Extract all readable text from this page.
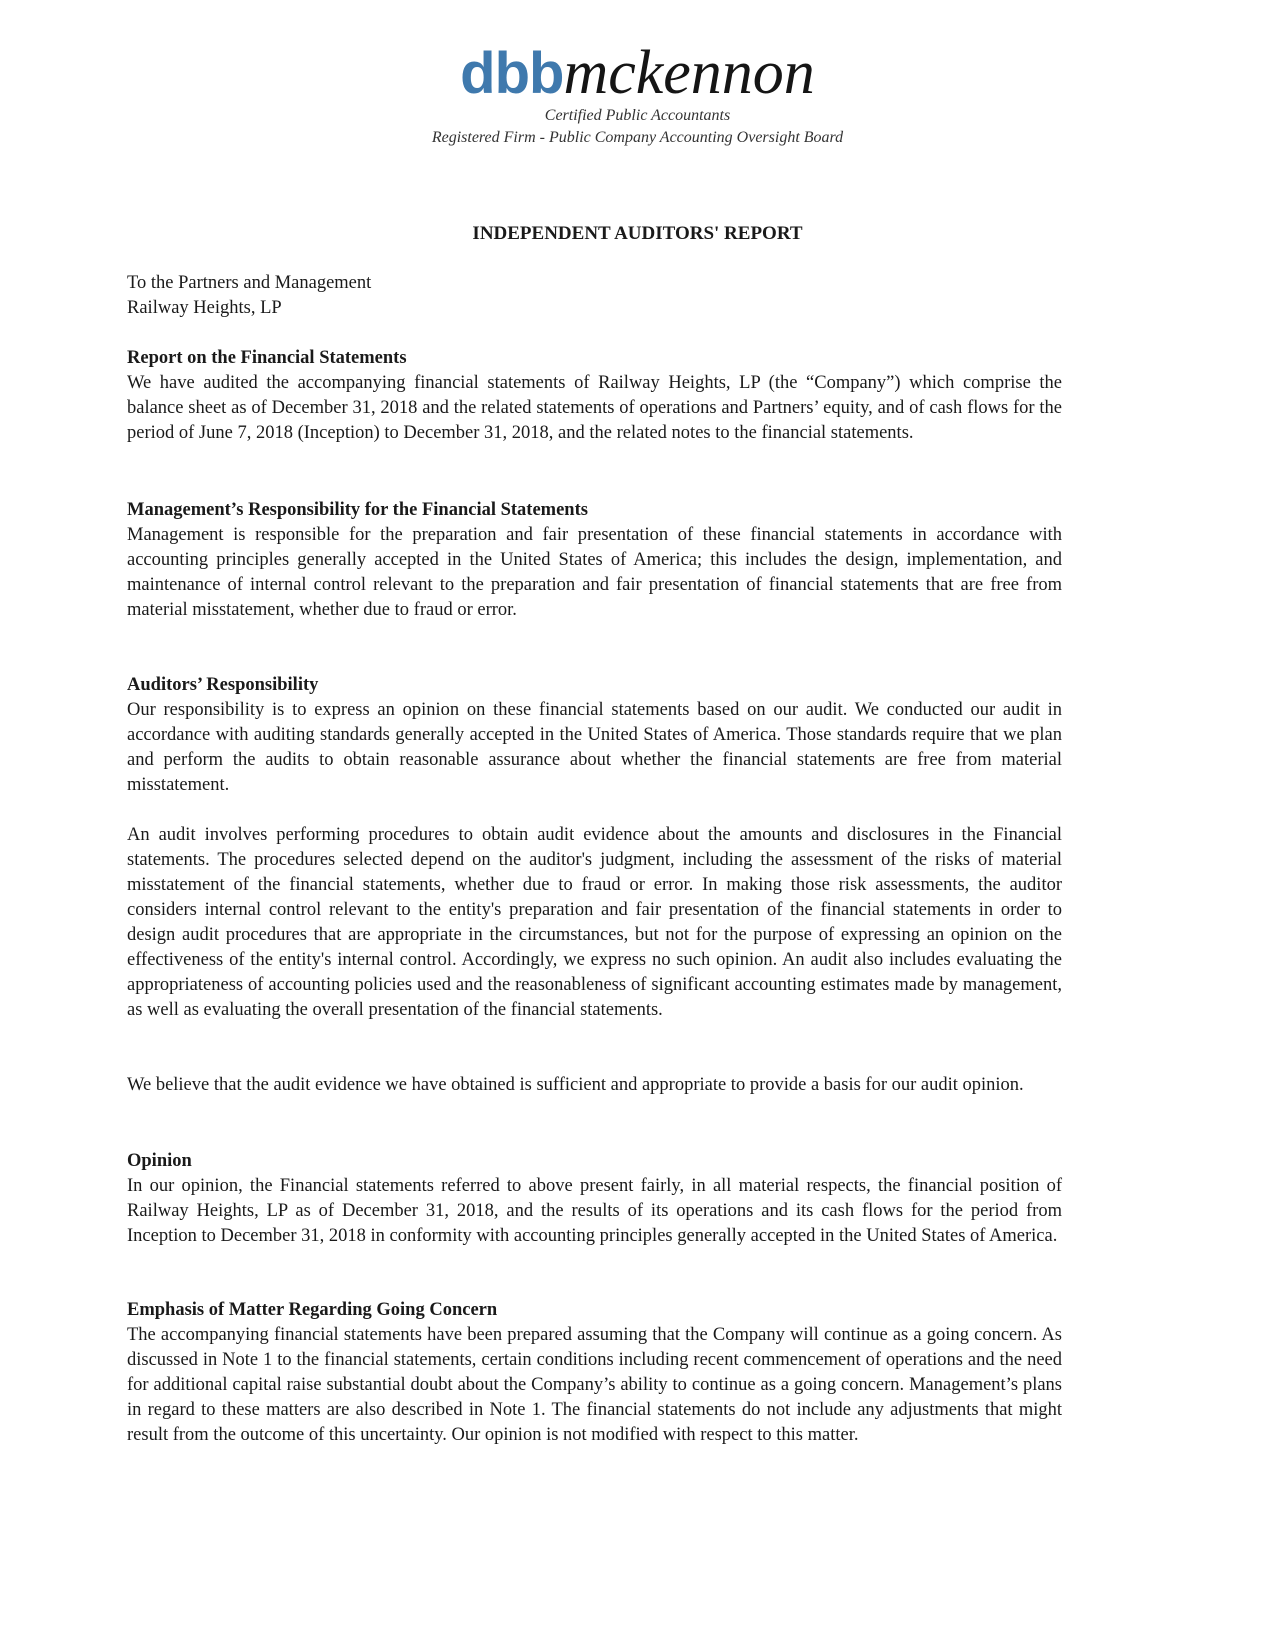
dbbmckennon
Certified Public Accountants
Registered Firm - Public Company Accounting Oversight Board
INDEPENDENT AUDITORS' REPORT

To the Partners and Management

Railway Heights, LP

Report on the Financial Statements

We have audited the accompanying financial statements of Railway Heights, LP (the “Company”) which comprise the balance sheet as of December 31, 2018 and the related statements of operations and Partners’ equity, and of cash flows for the period of June 7, 2018 (Inception) to December 31, 2018, and the related notes to the financial statements.

Management’s Responsibility for the Financial Statements

Management is responsible for the preparation and fair presentation of these financial statements in accordance with accounting principles generally accepted in the United States of America; this includes the design, implementation, and maintenance of internal control relevant to the preparation and fair presentation of financial statements that are free from material misstatement, whether due to fraud or error.

Auditors’ Responsibility

Our responsibility is to express an opinion on these financial statements based on our audit. We conducted our audit in accordance with auditing standards generally accepted in the United States of America. Those standards require that we plan and perform the audits to obtain reasonable assurance about whether the financial statements are free from material misstatement.

An audit involves performing procedures to obtain audit evidence about the amounts and disclosures in the Financial statements. The procedures selected depend on the auditor's judgment, including the assessment of the risks of material misstatement of the financial statements, whether due to fraud or error. In making those risk assessments, the auditor considers internal control relevant to the entity's preparation and fair presentation of the financial statements in order to design audit procedures that are appropriate in the circumstances, but not for the purpose of expressing an opinion on the effectiveness of the entity's internal control. Accordingly, we express no such opinion. An audit also includes evaluating the appropriateness of accounting policies used and the reasonableness of significant accounting estimates made by management, as well as evaluating the overall presentation of the financial statements.

We believe that the audit evidence we have obtained is sufficient and appropriate to provide a basis for our audit opinion.

Opinion

In our opinion, the Financial statements referred to above present fairly, in all material respects, the financial position of Railway Heights, LP as of December 31, 2018, and the results of its operations and its cash flows for the period from Inception to December 31, 2018 in conformity with accounting principles generally accepted in the United States of America.

Emphasis of Matter Regarding Going Concern

The accompanying financial statements have been prepared assuming that the Company will continue as a going concern. As discussed in Note 1 to the financial statements, certain conditions including recent commencement of operations and the need for additional capital raise substantial doubt about the Company’s ability to continue as a going concern. Management’s plans in regard to these matters are also described in Note 1. The financial statements do not include any adjustments that might result from the outcome of this uncertainty. Our opinion is not modified with respect to this matter.
